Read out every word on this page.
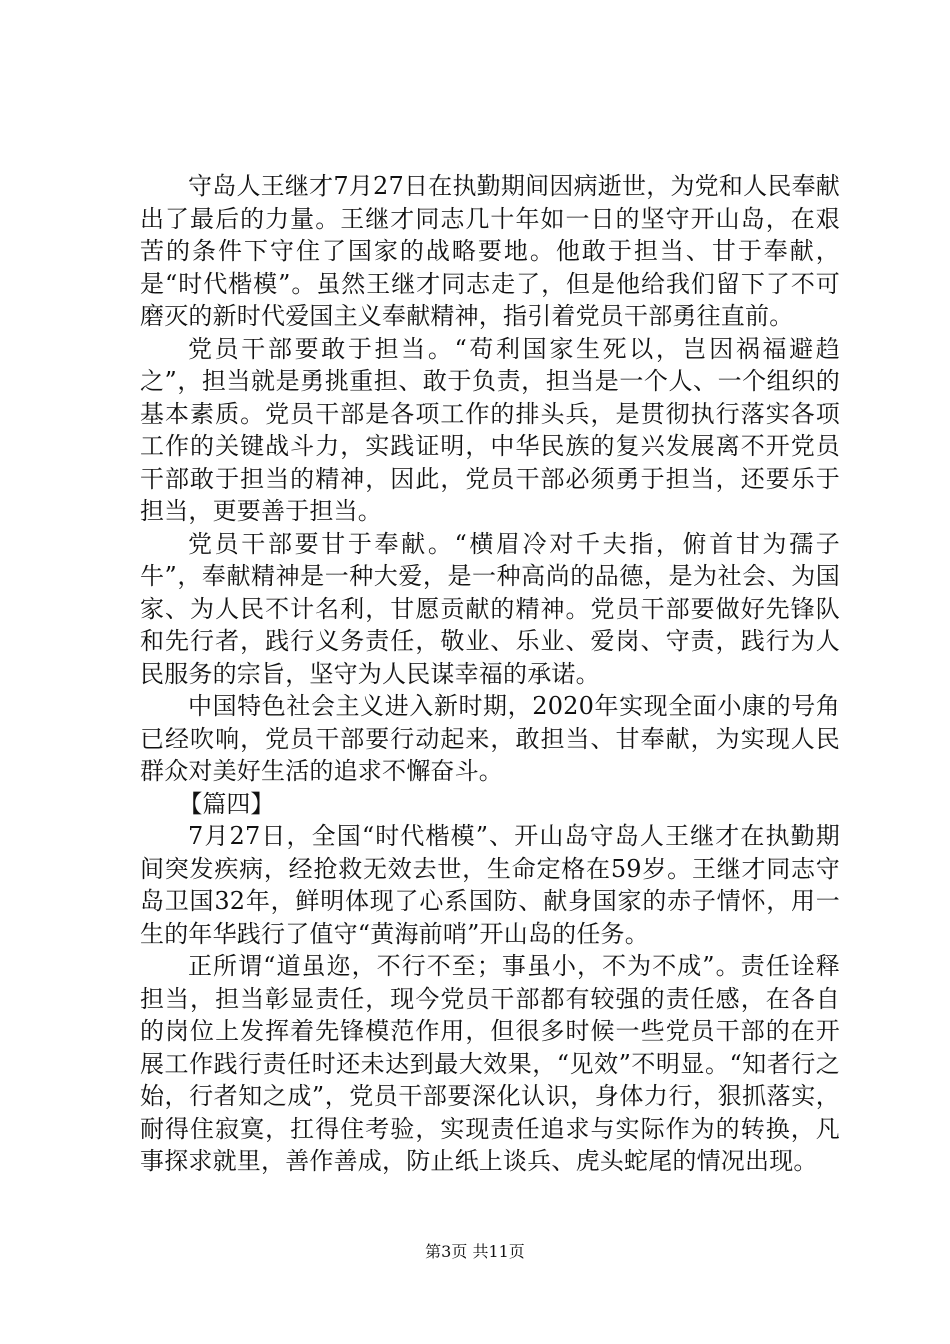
守岛人王继才7月27日在执勤期间因病逝世，为党和人民奉献出了最后的力量。王继才同志几十年如一日的坚守开山岛，在艰苦的条件下守住了国家的战略要地。他敢于担当、甘于奉献，是“时代楷模”。虽然王继才同志走了，但是他给我们留下了不可磨灭的新时代爱国主义奉献精神，指引着党员干部勇往直前。

党员干部要敢于担当。“苟利国家生死以，岂因祸福避趋之”，担当就是勇挑重担、敢于负责，担当是一个人、一个组织的基本素质。党员干部是各项工作的排头兵，是贯彻执行落实各项工作的关键战斗力，实践证明，中华民族的复兴发展离不开党员干部敢于担当的精神，因此，党员干部必须勇于担当，还要乐于担当，更要善于担当。

党员干部要甘于奉献。“横眉冷对千夫指，俯首甘为孺子牛”，奉献精神是一种大爱，是一种高尚的品德，是为社会、为国家、为人民不计名利，甘愿贡献的精神。党员干部要做好先锋队和先行者，践行义务责任，敬业、乐业、爱岗、守责，践行为人民服务的宗旨，坚守为人民谋幸福的承诺。

中国特色社会主义进入新时期，2020年实现全面小康的号角已经吹响，党员干部要行动起来，敢担当、甘奉献，为实现人民群众对美好生活的追求不懈奋斗。

【篇四】

7月27日，全国“时代楷模”、开山岛守岛人王继才在执勤期间突发疾病，经抢救无效去世，生命定格在59岁。王继才同志守岛卫国32年，鲜明体现了心系国防、献身国家的赤子情怀，用一生的年华践行了值守“黄海前哨”开山岛的任务。

正所谓“道虽迩，不行不至；事虽小，不为不成”。责任诠释担当，担当彰显责任，现今党员干部都有较强的责任感，在各自的岗位上发挥着先锋模范作用，但很多时候一些党员干部的在开展工作践行责任时还未达到最大效果，“见效”不明显。“知者行之始，行者知之成”，党员干部要深化认识，身体力行，狠抓落实，耐得住寂寞，扛得住考验，实现责任追求与实际作为的转换，凡事探求就里，善作善成，防止纸上谈兵、虎头蛇尾的情况出现。

第3页 共11页
